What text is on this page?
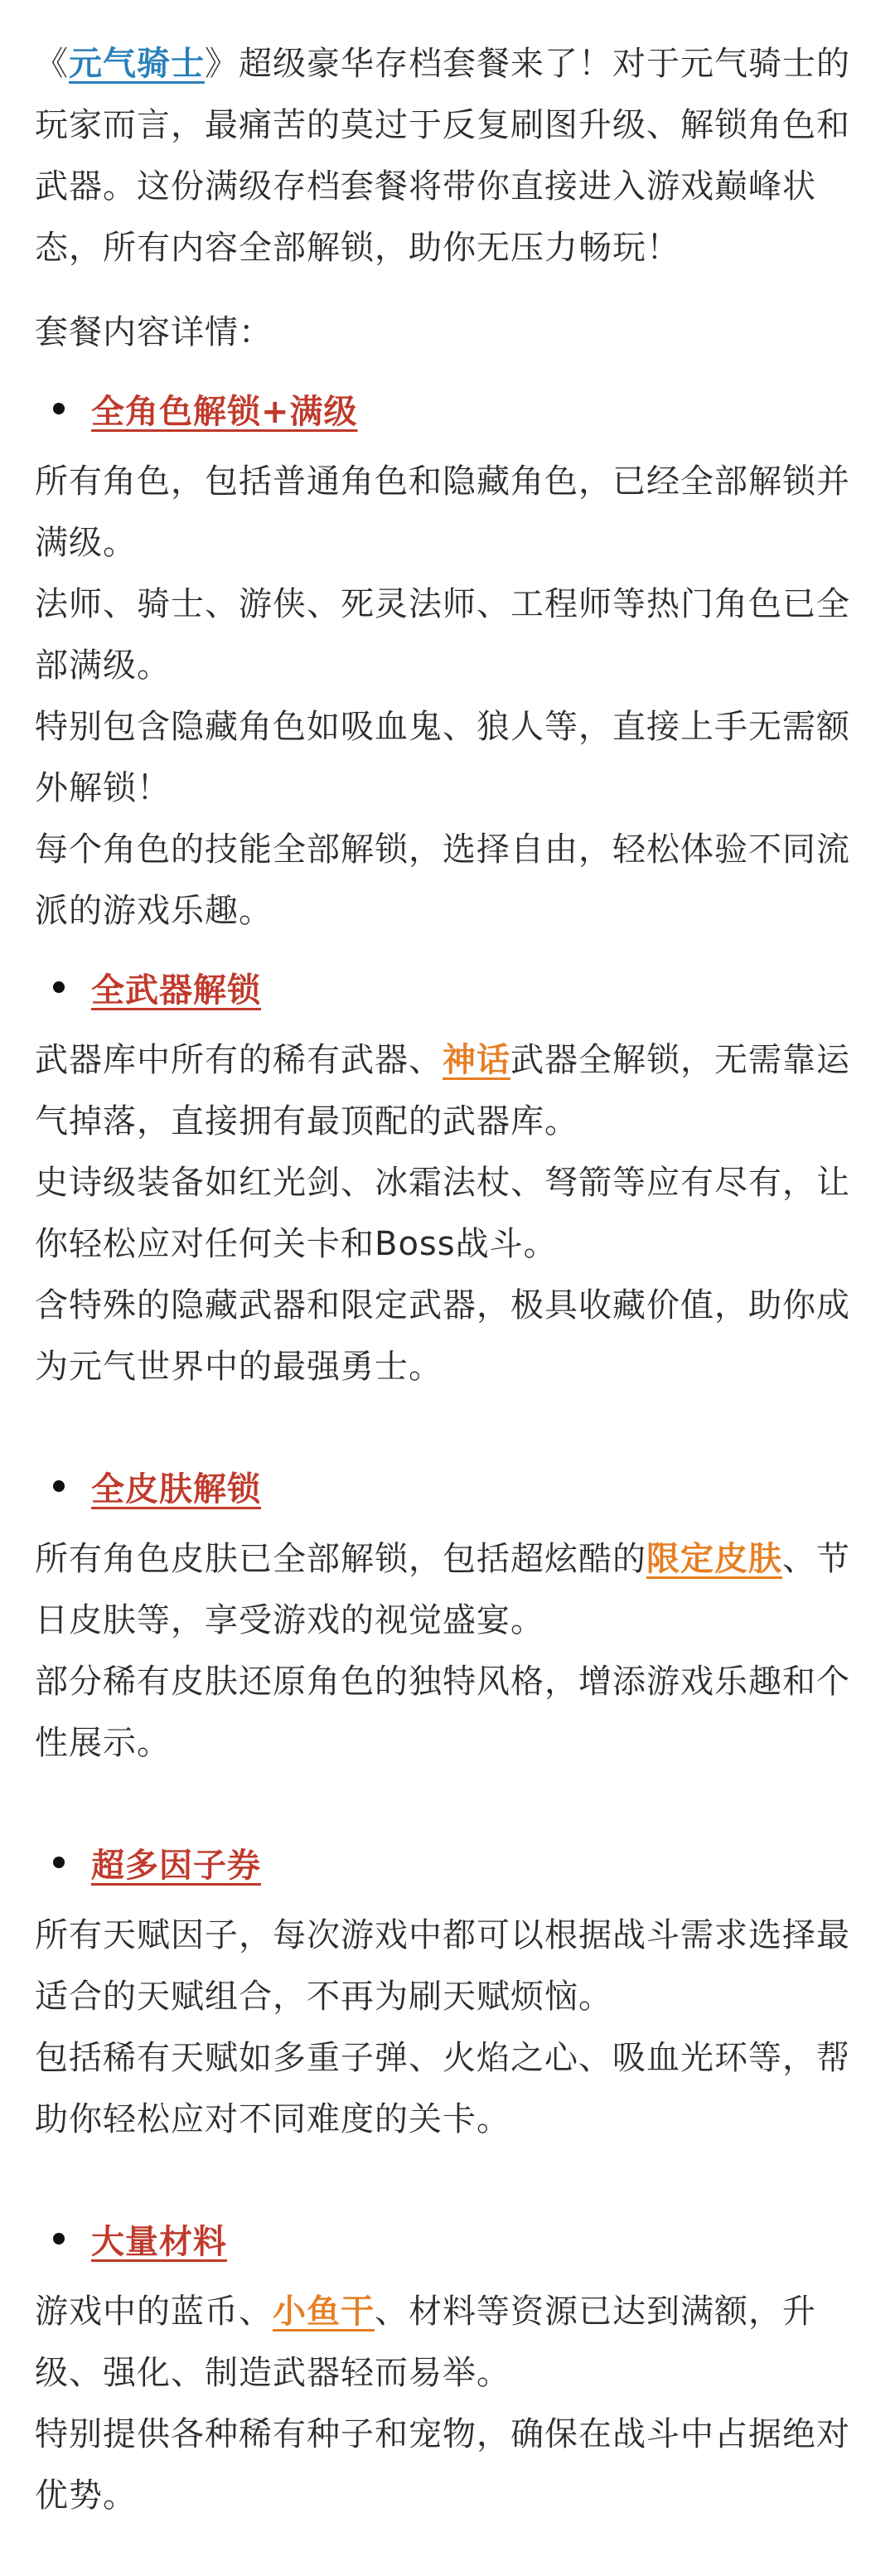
《元气骑士》超级豪华存档套餐来了！对于元气骑士的玩家而言，最痛苦的莫过于反复刷图升级、解锁角色和武器。这份满级存档套餐将带你直接进入游戏巅峰状态，所有内容全部解锁，助你无压力畅玩！

套餐内容详情：

全角色解锁+满级

所有角色，包括普通角色和隐藏角色，已经全部解锁并满级。

法师、骑士、游侠、死灵法师、工程师等热门角色已全部满级。

特别包含隐藏角色如吸血鬼、狼人等，直接上手无需额外解锁！

每个角色的技能全部解锁，选择自由，轻松体验不同流派的游戏乐趣。

全武器解锁

武器库中所有的稀有武器、神话武器全解锁，无需靠运气掉落，直接拥有最顶配的武器库。

史诗级装备如红光剑、冰霜法杖、弩箭等应有尽有，让你轻松应对任何关卡和Boss战斗。

含特殊的隐藏武器和限定武器，极具收藏价值，助你成为元气世界中的最强勇士。

全皮肤解锁

所有角色皮肤已全部解锁，包括超炫酷的限定皮肤、节日皮肤等，享受游戏的视觉盛宴。

部分稀有皮肤还原角色的独特风格，增添游戏乐趣和个性展示。

超多因子券

所有天赋因子，每次游戏中都可以根据战斗需求选择最适合的天赋组合，不再为刷天赋烦恼。

包括稀有天赋如多重子弹、火焰之心、吸血光环等，帮助你轻松应对不同难度的关卡。

大量材料

游戏中的蓝币、小鱼干、材料等资源已达到满额，升级、强化、制造武器轻而易举。

特别提供各种稀有种子和宠物，确保在战斗中占据绝对优势。
